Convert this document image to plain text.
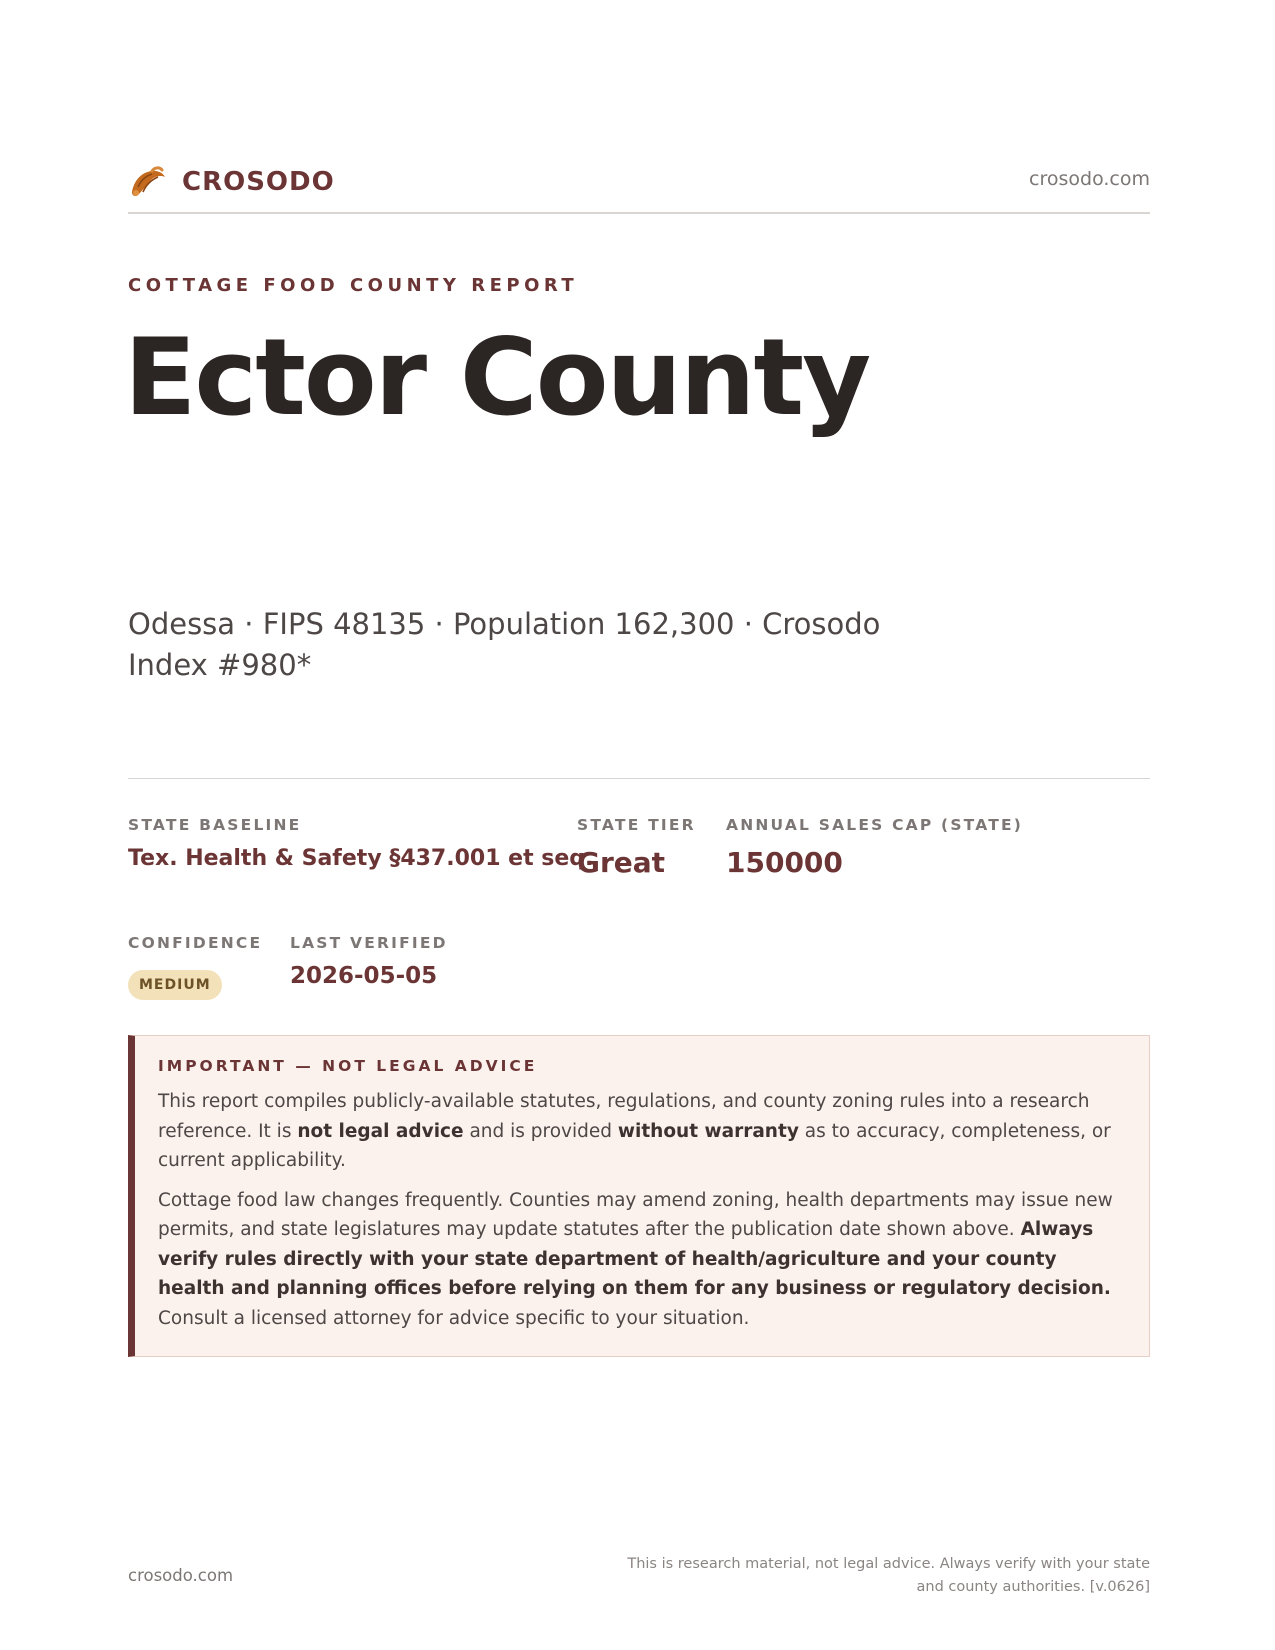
CROSODO	crosodo.com
COTTAGE FOOD COUNTY REPORT
Ector County
Odessa · FIPS 48135 · Population 162,300 · Crosodo Index #980*
STATE BASELINE
Tex. Health & Safety §437.001 et seq.
STATE TIER
Great
ANNUAL SALES CAP (STATE)
150000
CONFIDENCE
MEDIUM
LAST VERIFIED
2026-05-05
IMPORTANT — NOT LEGAL ADVICE

This report compiles publicly-available statutes, regulations, and county zoning rules into a research reference. It is not legal advice and is provided without warranty as to accuracy, completeness, or current applicability.

Cottage food law changes frequently. Counties may amend zoning, health departments may issue new permits, and state legislatures may update statutes after the publication date shown above. Always verify rules directly with your state department of health/agriculture and your county health and planning offices before relying on them for any business or regulatory decision. Consult a licensed attorney for advice specific to your situation.

crosodo.com
This is research material, not legal advice. Always verify with your state
and county authorities. [v.0626]
